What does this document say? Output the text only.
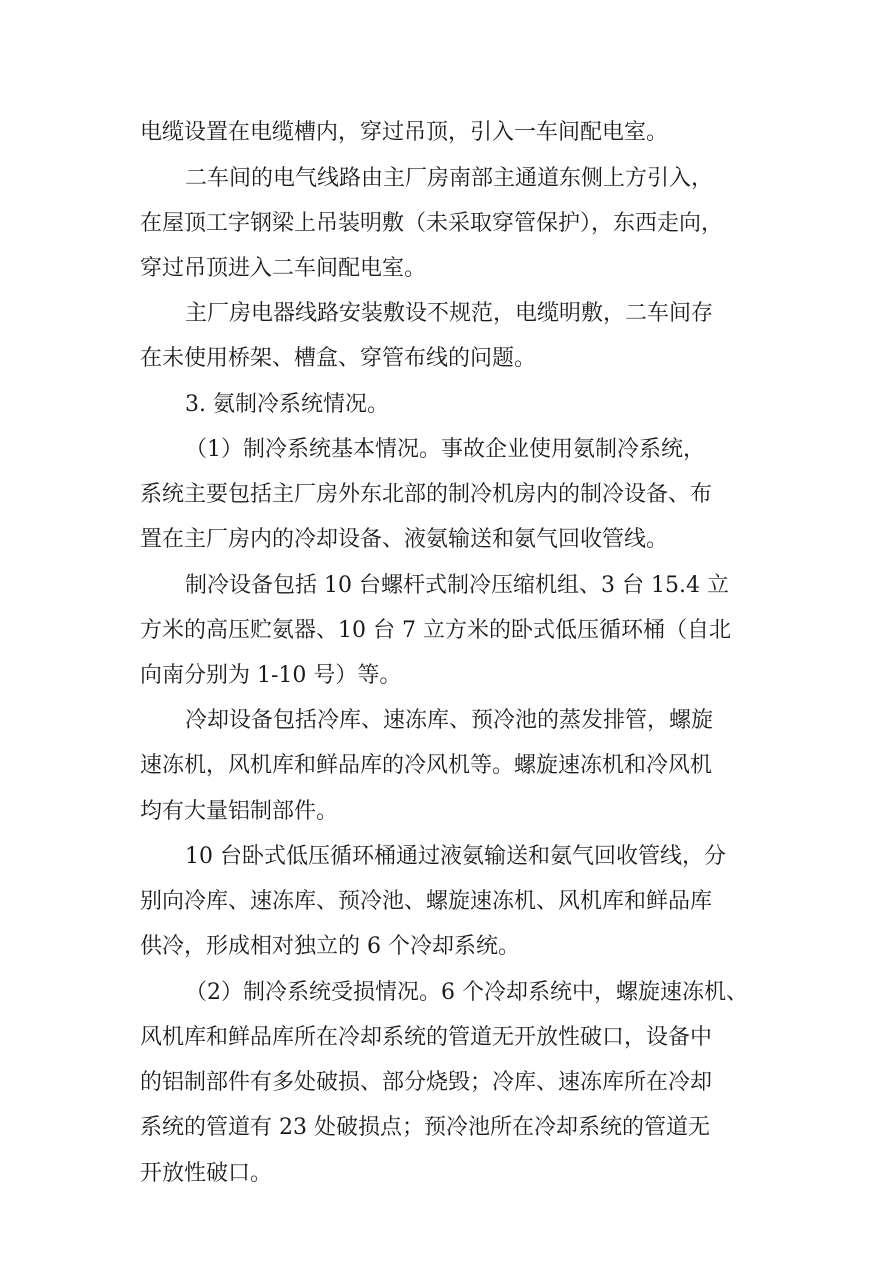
电缆设置在电缆槽内，穿过吊顶，引入一车间配电室。
二车间的电气线路由主厂房南部主通道东侧上方引入，
在屋顶工字钢梁上吊装明敷（未采取穿管保护），东西走向，
穿过吊顶进入二车间配电室。
主厂房电器线路安装敷设不规范，电缆明敷，二车间存
在未使用桥架、槽盒、穿管布线的问题。
3. 氨制冷系统情况。
（1）制冷系统基本情况。事故企业使用氨制冷系统，
系统主要包括主厂房外东北部的制冷机房内的制冷设备、布
置在主厂房内的冷却设备、液氨输送和氨气回收管线。
制冷设备包括 10 台螺杆式制冷压缩机组、3 台 15.4 立
方米的高压贮氨器、10 台 7 立方米的卧式低压循环桶（自北
向南分别为 1-10 号）等。
冷却设备包括冷库、速冻库、预冷池的蒸发排管，螺旋
速冻机，风机库和鲜品库的冷风机等。螺旋速冻机和冷风机
均有大量铝制部件。
10 台卧式低压循环桶通过液氨输送和氨气回收管线，分
别向冷库、速冻库、预冷池、螺旋速冻机、风机库和鲜品库
供冷，形成相对独立的 6 个冷却系统。
（2）制冷系统受损情况。6 个冷却系统中，螺旋速冻机、
风机库和鲜品库所在冷却系统的管道无开放性破口，设备中
的铝制部件有多处破损、部分烧毁；冷库、速冻库所在冷却
系统的管道有 23 处破损点；预冷池所在冷却系统的管道无
开放性破口。
